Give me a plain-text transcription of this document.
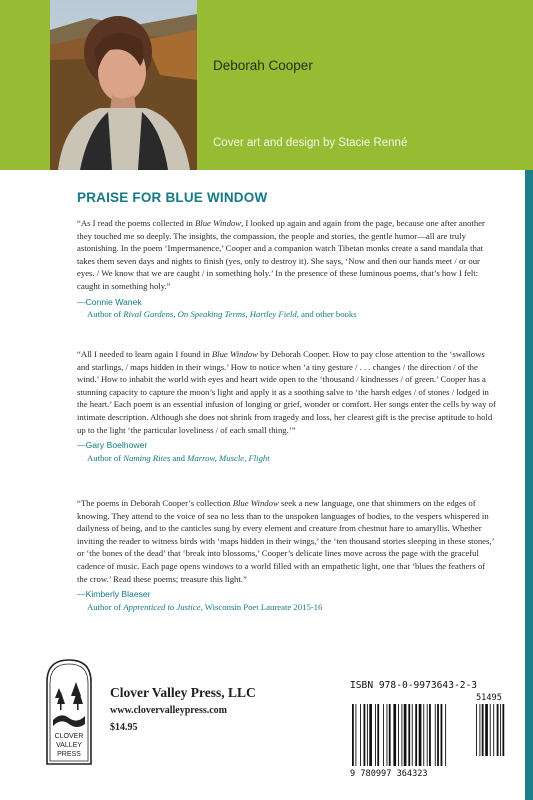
Deborah Cooper
Cover art and design by Stacie Renné
PRAISE FOR BLUE WINDOW

“As I read the poems collected in Blue Window, I looked up again and again from the page, because one after another they touched me so deeply. The insights, the compassion, the people and stories, the gentle humor—all are truly astonishing. In the poem ‘Impermanence,’ Cooper and a companion watch Tibetan monks create a sand mandala that takes them seven days and nights to finish (yes, only to destroy it). She says, ‘Now and then our hands meet / or our eyes. / We know that we are caught / in something holy.’ In the presence of these luminous poems, that’s how I felt: caught in something holy.”

—Connie Wanek
Author of Rival Gardens, On Speaking Terms, Hartley Field, and other books

“All I needed to learn again I found in Blue Window by Deborah Cooper. How to pay close attention to the ‘swallows and starlings, / maps hidden in their wings.’ How to notice when ‘a tiny gesture / . . . changes / the direction / of the wind.’ How to inhabit the world with eyes and heart wide open to the ‘thousand / kindnesses / of green.’ Cooper has a stunning capacity to capture the moon’s light and apply it as a soothing salve to ‘the harsh edges / of stones / lodged in the heart.’ Each poem is an essential infusion of longing or grief, wonder or comfort. Her songs enter the cells by way of intimate description. Although she does not shrink from tragedy and loss, her clearest gift is the precise aptitude to hold up to the light ‘the particular loveliness / of each small thing.’”

—Gary Boelhower
Author of Naming Rites and Marrow, Muscle, Flight

“The poems in Deborah Cooper’s collection Blue Window seek a new language, one that shimmers on the edges of knowing. They attend to the voice of sea no less than to the unspoken languages of bodies, to the vespers whispered in dailyness of being, and to the canticles sung by every element and creature from chestnut hare to amaryllis. Whether inviting the reader to witness birds with ‘maps hidden in their wings,’ the ‘ten thousand stories sleeping in these stones,’ or ‘the bones of the dead’ that ‘break into blossoms,’ Cooper’s delicate lines move across the page with the graceful cadence of music. Each page opens windows to a world filled with an empathetic light, one that ‘blues the feathers of the crow.’ Read these poems; treasure this light.”

—Kimberly Blaeser
Author of Apprenticed to Justice, Wisconsin Poet Laureate 2015-16
CLOVER
VALLEY
PRESS
Clover Valley Press, LLC
www.clovervalleypress.com
$14.95
ISBN 978-0-9973643-2-3
51495
9 780997 364323
